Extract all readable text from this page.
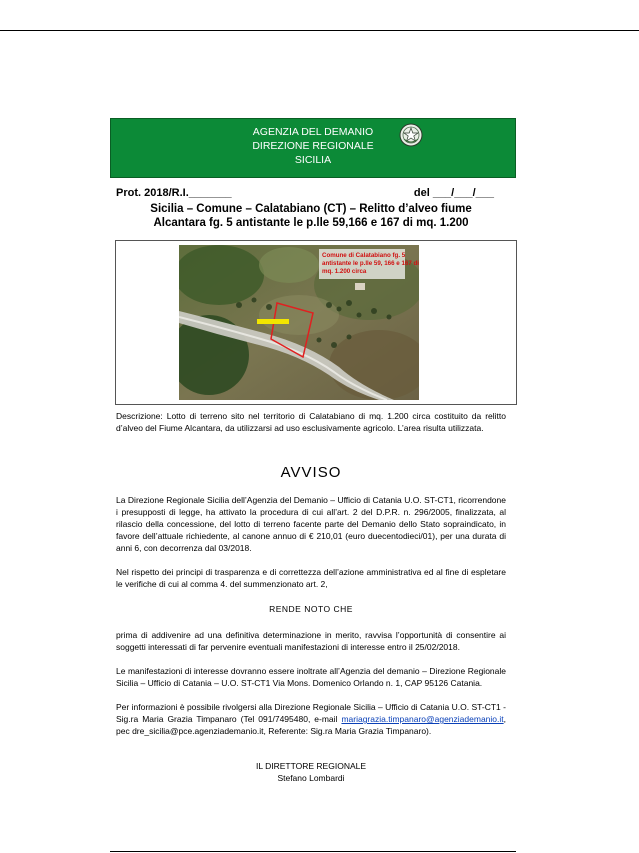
AGENZIA DEL DEMANIO
DIREZIONE REGIONALE
SICILIA
Prot. 2018/R.I._______	del ___/___/___
Sicilia – Comune – Calatabiano (CT) – Relitto d’alveo fiume
Alcantara fg. 5 antistante le p.lle 59,166 e 167 di mq. 1.200
Comune di Calatabiano fg. 5
antistante le p.lle 59, 166 e 167 di
mq. 1.200 circa
Descrizione: Lotto di terreno sito nel territorio di Calatabiano di mq. 1.200 circa costituito da relitto d’alveo del Fiume Alcantara, da utilizzarsi ad uso esclusivamente agricolo. L’area risulta utilizzata.
AVVISO
La Direzione Regionale Sicilia dell’Agenzia del Demanio – Ufficio di Catania U.O. ST-CT1, ricorrendone i presupposti di legge, ha attivato la procedura di cui all’art. 2 del D.P.R. n. 296/2005, finalizzata, al rilascio della concessione, del lotto di terreno facente parte del Demanio dello Stato sopraindicato, in favore dell’attuale richiedente, al canone annuo di € 210,01 (euro duecentodieci/01), per una durata di anni 6, con decorrenza dal 03/2018.
Nel rispetto dei principi di trasparenza e di correttezza dell’azione amministrativa ed al fine di espletare le verifiche di cui al comma 4. del summenzionato art. 2,
RENDE NOTO CHE
prima di addivenire ad una definitiva determinazione in merito, ravvisa l’opportunità di consentire ai soggetti interessati di far pervenire eventuali manifestazioni di interesse entro il 25/02/2018.
Le manifestazioni di interesse dovranno essere inoltrate all’Agenzia del demanio – Direzione Regionale Sicilia – Ufficio di Catania – U.O. ST-CT1 Via Mons. Domenico Orlando n. 1, CAP 95126 Catania.
Per informazioni è possibile rivolgersi alla Direzione Regionale Sicilia – Ufficio di Catania U.O. ST-CT1 - Sig.ra Maria Grazia Timpanaro (Tel 091/7495480, e-mail mariagrazia.timpanaro@agenziademanio.it, pec dre_sicilia@pce.agenziademanio.it, Referente: Sig.ra Maria Grazia Timpanaro).
IL DIRETTORE REGIONALE
Stefano Lombardi
